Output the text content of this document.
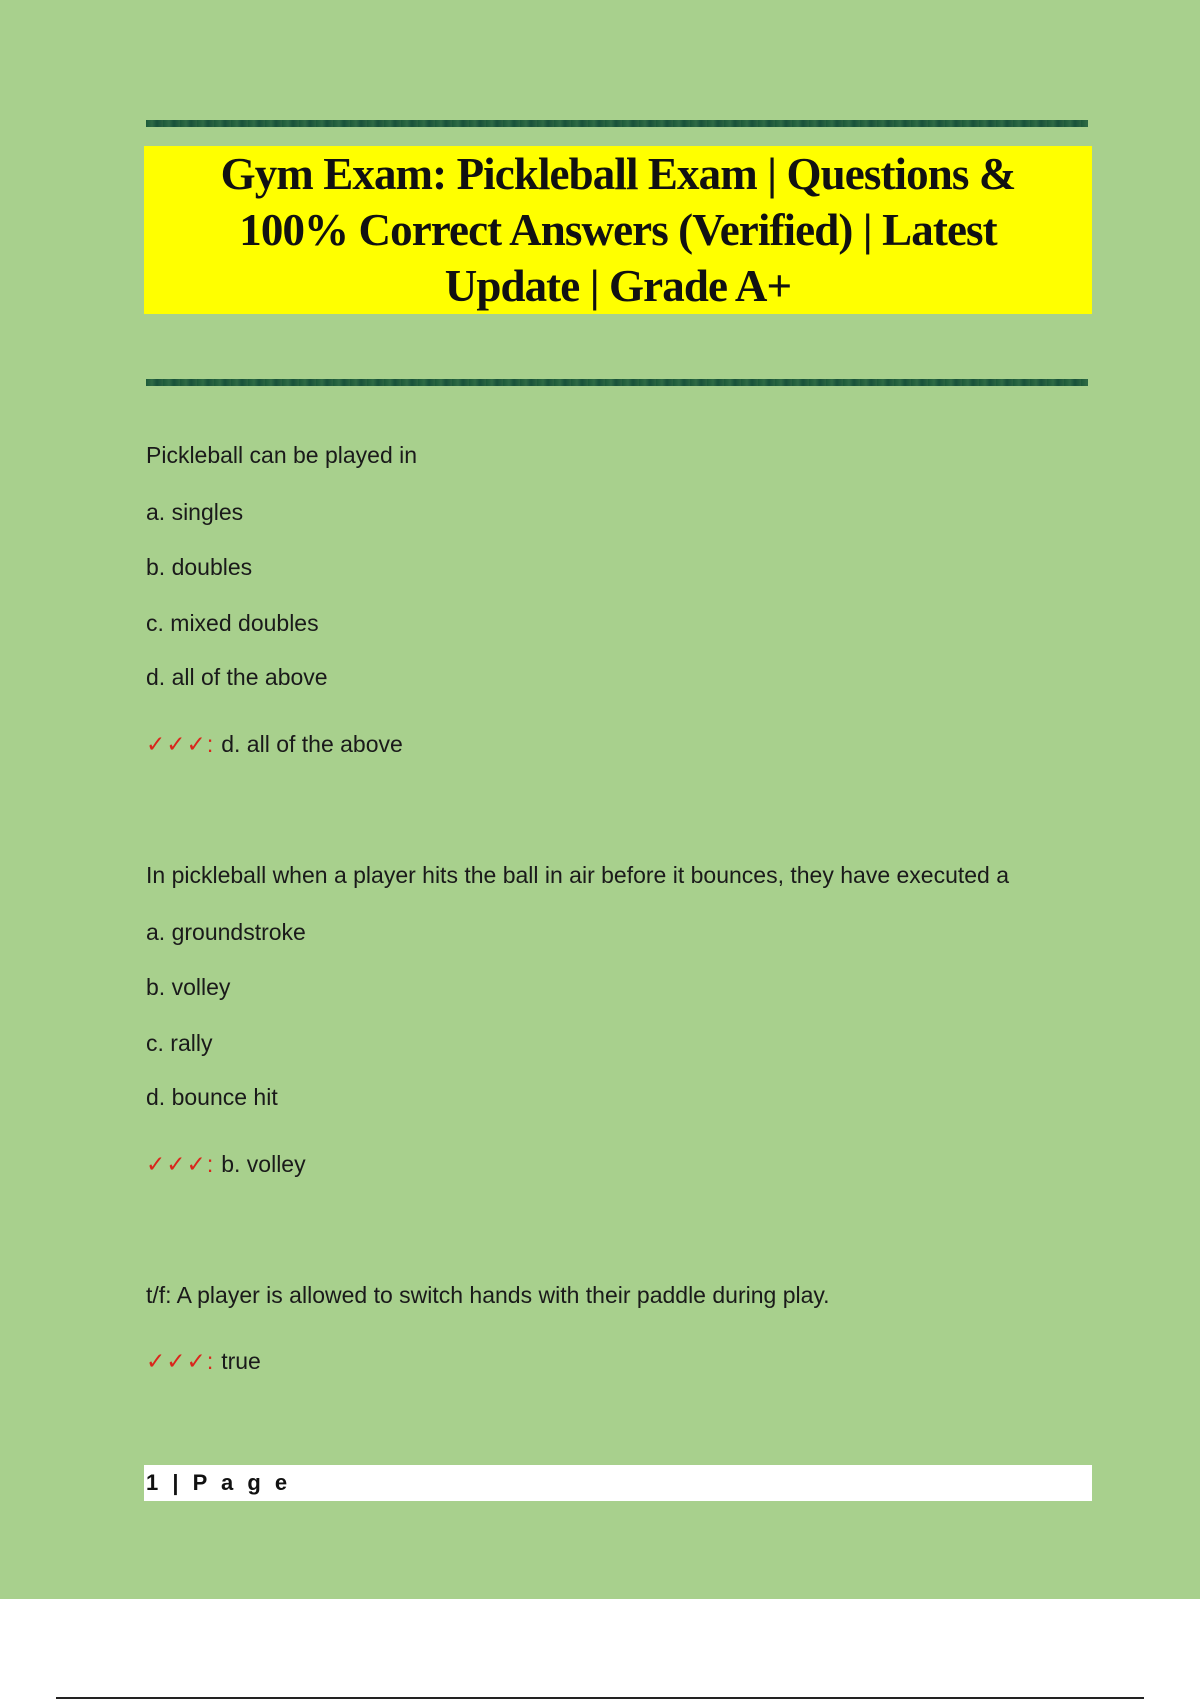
Gym Exam: Pickleball Exam | Questions & 100% Correct Answers (Verified) | Latest Update | Grade A+
Pickleball can be played in
a. singles
b. doubles
c. mixed doubles
d. all of the above
✓✓✓: d. all of the above
In pickleball when a player hits the ball in air before it bounces, they have executed a
a. groundstroke
b. volley
c. rally
d. bounce hit
✓✓✓: b. volley
t/f: A player is allowed to switch hands with their paddle during play.
✓✓✓: true
1 | P a g e
